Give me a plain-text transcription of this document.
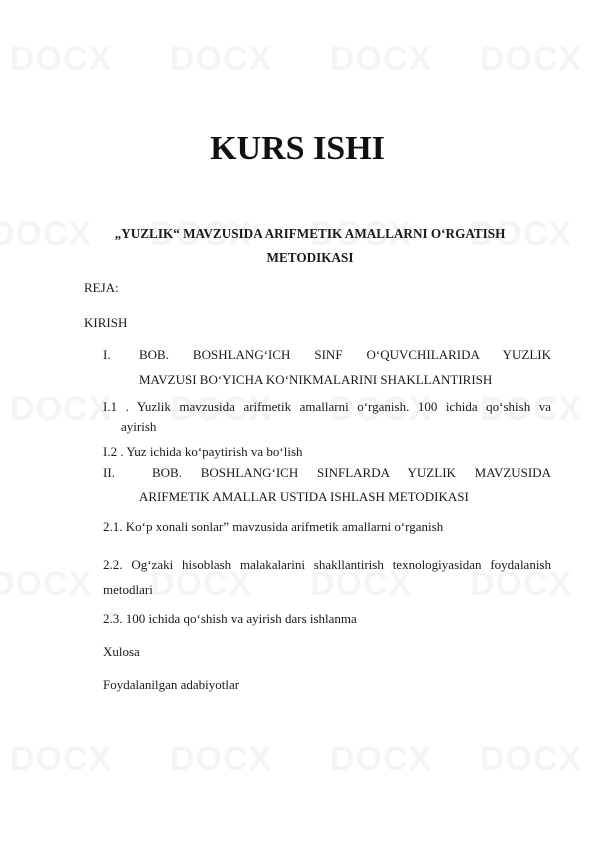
KURS ISHI
„YUZLIK“ MAVZUSIDA ARIFMETIK AMALLARNI O‘RGATISH
METODIKASI
REJA:
KIRISH
I. BOB. BOSHLANG‘ICH SINF O‘QUVCHILARIDA YUZLIK
MAVZUSI BO‘YICHA KO‘NIKMALARINI SHAKLLANTIRISH
I.1 . Yuzlik mavzusida arifmetik amallarni o‘rganish. 100 ichida qo‘shish va
ayirish
I.2 . Yuz ichida ko‘paytirish va bo‘lish
II.	BOB. BOSHLANG‘ICH SINFLARDA YUZLIK MAVZUSIDA
ARIFMETIK AMALLAR USTIDA ISHLASH METODIKASI
2.1. Ko‘p xonali sonlar” mavzusida arifmetik amallarni o‘rganish
2.2. Og‘zaki hisoblash malakalarini shakllantirish texnologiyasidan foydalanish
metodlari
2.3. 100 ichida qo‘shish va ayirish dars ishlanma
Xulosa
Foydalanilgan adabiyotlar
